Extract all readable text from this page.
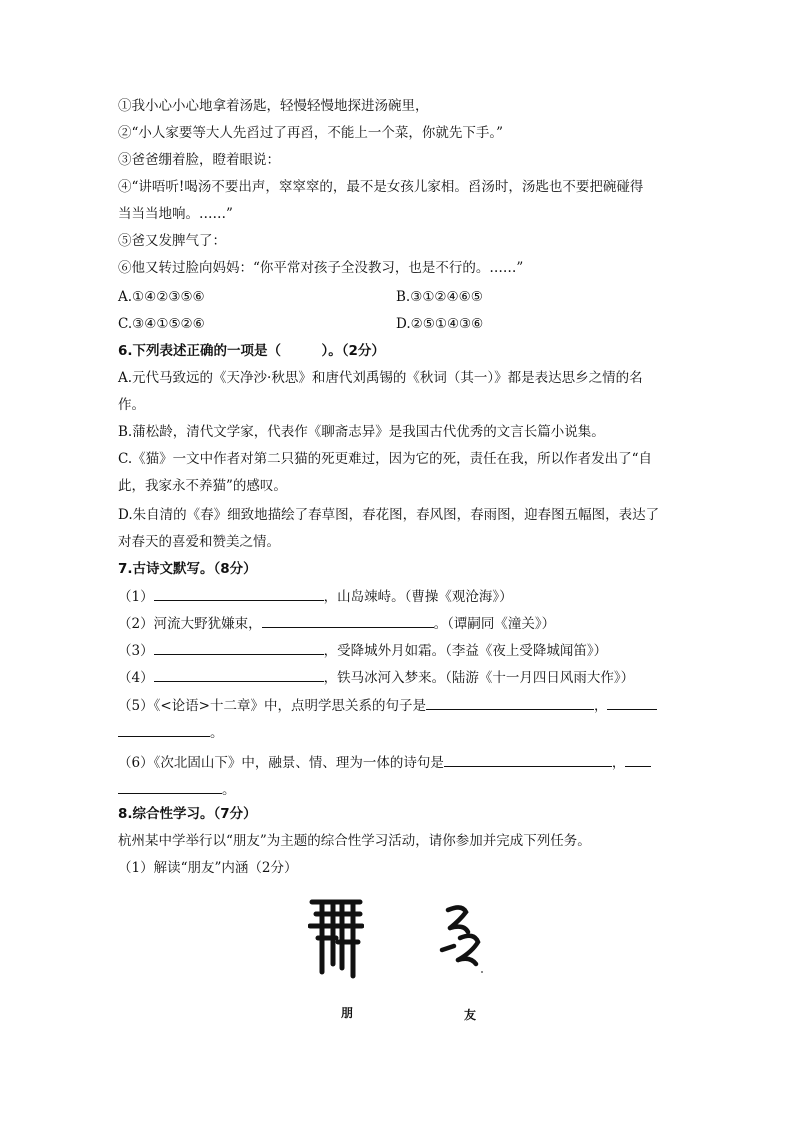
①我小心小心地拿着汤匙，轻慢轻慢地探进汤碗里，
②“小人家要等大人先舀过了再舀，不能上一个菜，你就先下手。”
③爸爸绷着脸，瞪着眼说：
④“讲唔听!喝汤不要出声，窣窣窣的，最不是女孩儿家相。舀汤时，汤匙也不要把碗碰得
当当当地响。……”
⑤爸又发脾气了：
⑥他又转过脸向妈妈：“你平常对孩子全没教习，也是不行的。……”
A.①④②③⑤⑥	B.③①②④⑥⑤
C.③④①⑤②⑥	D.②⑤①④③⑥
6.下列表述正确的一项是（　　　）。（2分）
A.元代马致远的《天净沙·秋思》和唐代刘禹锡的《秋词（其一）》都是表达思乡之情的名
作。
B.蒲松龄，清代文学家，代表作《聊斋志异》是我国古代优秀的文言长篇小说集。
C.《猫》一文中作者对第二只猫的死更难过，因为它的死，责任在我，所以作者发出了“自
此，我家永不养猫”的感叹。
D.朱自清的《春》细致地描绘了春草图，春花图，春风图，春雨图，迎春图五幅图，表达了
对春天的喜爱和赞美之情。
7.古诗文默写。（8分）
（1）	，山岛竦峙。（曹操《观沧海》）
（2）河流大野犹嫌束，	。（谭嗣同《潼关》）
（3）	，受降城外月如霜。（李益《夜上受降城闻笛》）
（4）	，铁马冰河入梦来。（陆游《十一月四日风雨大作》）
（5）《<论语>十二章》中，点明学思关系的句子是	，
。
（6）《次北固山下》中，融景、情、理为一体的诗句是	，
。
8.综合性学习。（7分）
杭州某中学举行以“朋友”为主题的综合性学习活动，请你参加并完成下列任务。
（1）解读“朋友”内涵（2分）
朋	友
